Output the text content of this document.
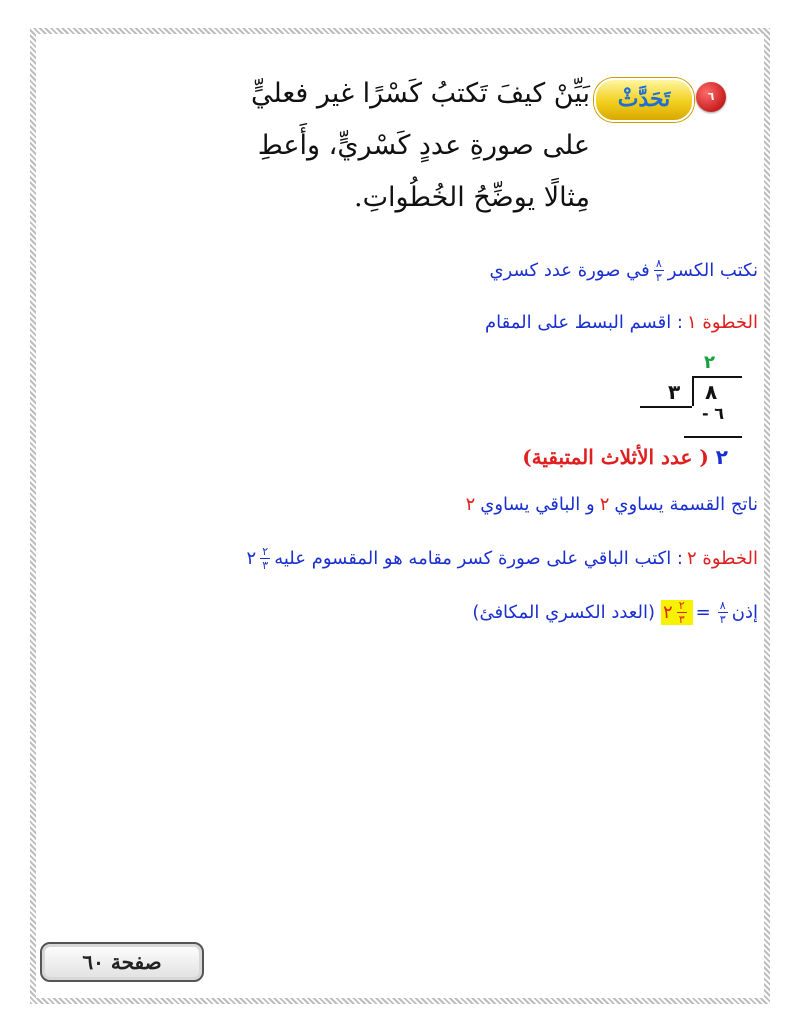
٦
تَحَدَّثْ
بَيِّنْ كيفَ تَكتبُ كَسْرًا غير فعليٍّ
على صورةِ عددٍ كَسْريٍّ، وأَعطِ
مِثالًا يوضِّحُ الخُطُواتِ.
نكتب الكسر
$\frac{٨}{٣}$
في صورة عدد كسري
الخطوة ١
: اقسم البسط على المقام
٢
٨
٣
٦ -
٢ ( عدد الأثلاث المتبقية)
ناتج القسمة يساوي
٢
و الباقي يساوي
٢
الخطوة ٢
: اكتب الباقي على صورة كسر مقامه هو المقسوم عليه
$\frac{٢}{٣}$
٢
إذن
$\frac{٨}{٣}$
=
$\frac{٢}{٣}$
٢
(العدد الكسري المكافئ)
صفحة ٦٠
